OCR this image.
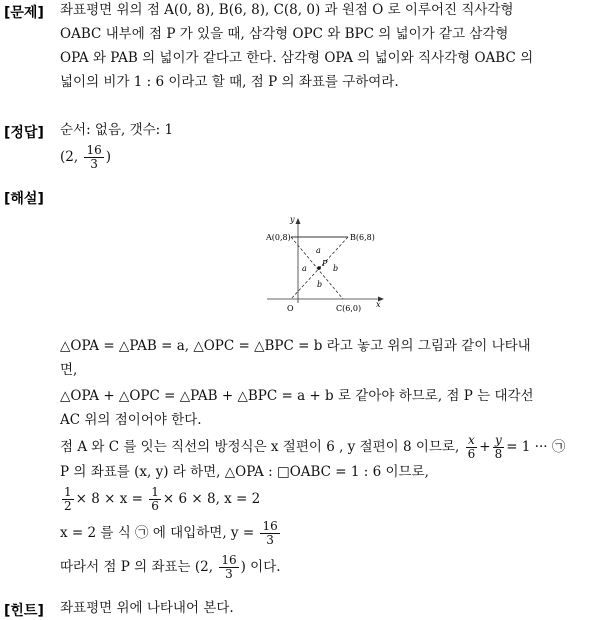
[문제]
[정답]
[해설]
[힌트]
좌표평면 위의 점 A(0, 8), B(6, 8), C(8, 0) 과 원점 O 로 이루어진 직사각형
OABC 내부에 점 P 가 있을 때, 삼각형 OPC 와 BPC 의 넓이가 같고 삼각형
OPA 와 PAB 의 넓이가 같다고 한다. 삼각형 OPA 의 넓이와 직사각형 OABC 의
넓이의 비가 1 : 6 이라고 할 때, 점 P 의 좌표를 구하여라.
순서: 없음, 갯수: 1
(2, $\frac{16}{3}$ )
y
x
A(0,8)	B(6,8)
O	C(6,0)
P
a
a	b
b
△OPA = △PAB = a, △OPC = △BPC = b 라고 놓고 위의 그림과 같이 나타내
면,
△OPA + △OPC = △PAB + △BPC = a + b 로 같아야 하므로, 점 P 는 대각선
AC 위의 점이어야 한다.
점 A 와 C 를 잇는 직선의 방정식은 x 절편이 6 , y 절편이 8 이므로, $\frac{x}{6} + \frac{y}{8} = 1$ ··· ㉠
P 의 좌표를 (x, y) 라 하면, △OPA : □OABC = 1 : 6 이므로,
$\frac{1}{2} \times 8 \times x = \frac{1}{6} \times 6 \times 8$, x = 2
x = 2 를 식 ㉠ 에 대입하면, $y = \frac{16}{3}$
따라서 점 P 의 좌표는 (2, $\frac{16}{3}$ ) 이다.
좌표평면 위에 나타내어 본다.
